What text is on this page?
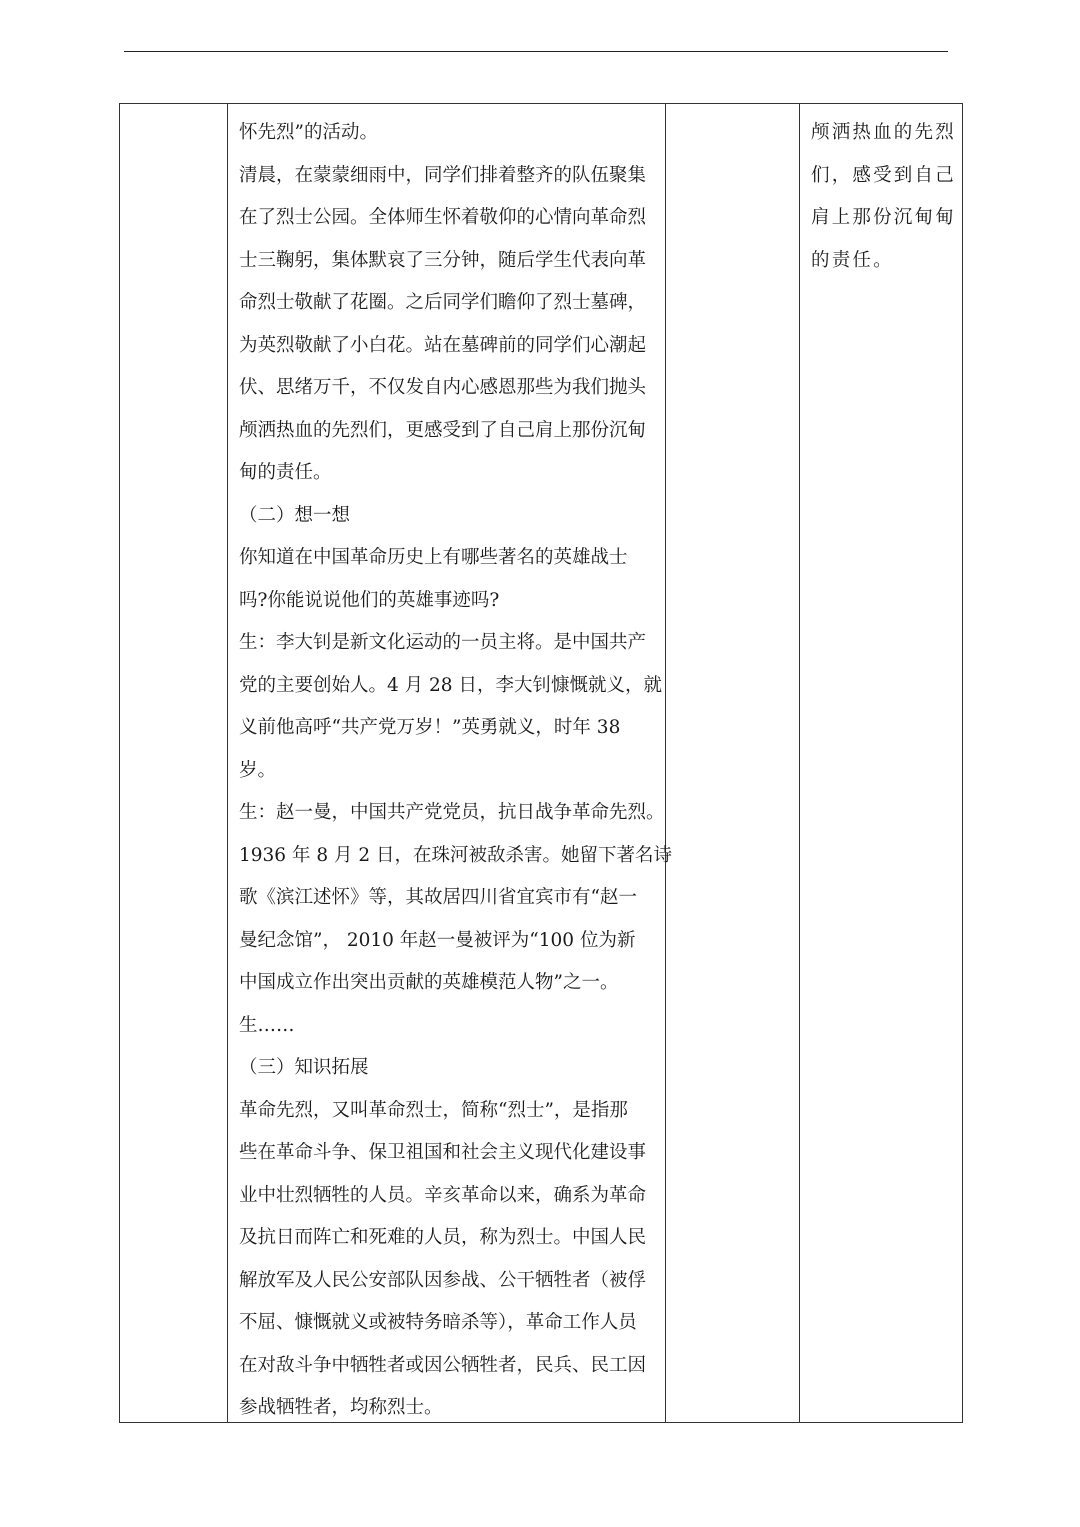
怀先烈”的活动。
清晨，在蒙蒙细雨中，同学们排着整齐的队伍聚集
在了烈士公园。全体师生怀着敬仰的心情向革命烈
士三鞠躬，集体默哀了三分钟，随后学生代表向革
命烈士敬献了花圈。之后同学们瞻仰了烈士墓碑，
为英烈敬献了小白花。站在墓碑前的同学们心潮起
伏、思绪万千，不仅发自内心感恩那些为我们抛头
颅洒热血的先烈们，更感受到了自己肩上那份沉甸
甸的责任。
（二）想一想
你知道在中国革命历史上有哪些著名的英雄战士
吗?你能说说他们的英雄事迹吗?
生：李大钊是新文化运动的一员主将。是中国共产
党的主要创始人。4 月 28 日，李大钊慷慨就义，就
义前他高呼“共产党万岁！”英勇就义，时年 38
岁。
生：赵一曼，中国共产党党员，抗日战争革命先烈。
1936 年 8 月 2 日，在珠河被敌杀害。她留下著名诗
歌《滨江述怀》等，其故居四川省宜宾市有“赵一
曼纪念馆”， 2010 年赵一曼被评为“100 位为新
中国成立作出突出贡献的英雄模范人物”之一。
生……
（三）知识拓展
革命先烈，又叫革命烈士，简称“烈士”，是指那
些在革命斗争、保卫祖国和社会主义现代化建设事
业中壮烈牺牲的人员。辛亥革命以来，确系为革命
及抗日而阵亡和死难的人员，称为烈士。中国人民
解放军及人民公安部队因参战、公干牺牲者（被俘
不屈、慷慨就义或被特务暗杀等），革命工作人员
在对敌斗争中牺牲者或因公牺牲者，民兵、民工因
参战牺牲者，均称烈士。
颅洒热血的先烈
们，感受到自己
肩上那份沉甸甸
的责任。
